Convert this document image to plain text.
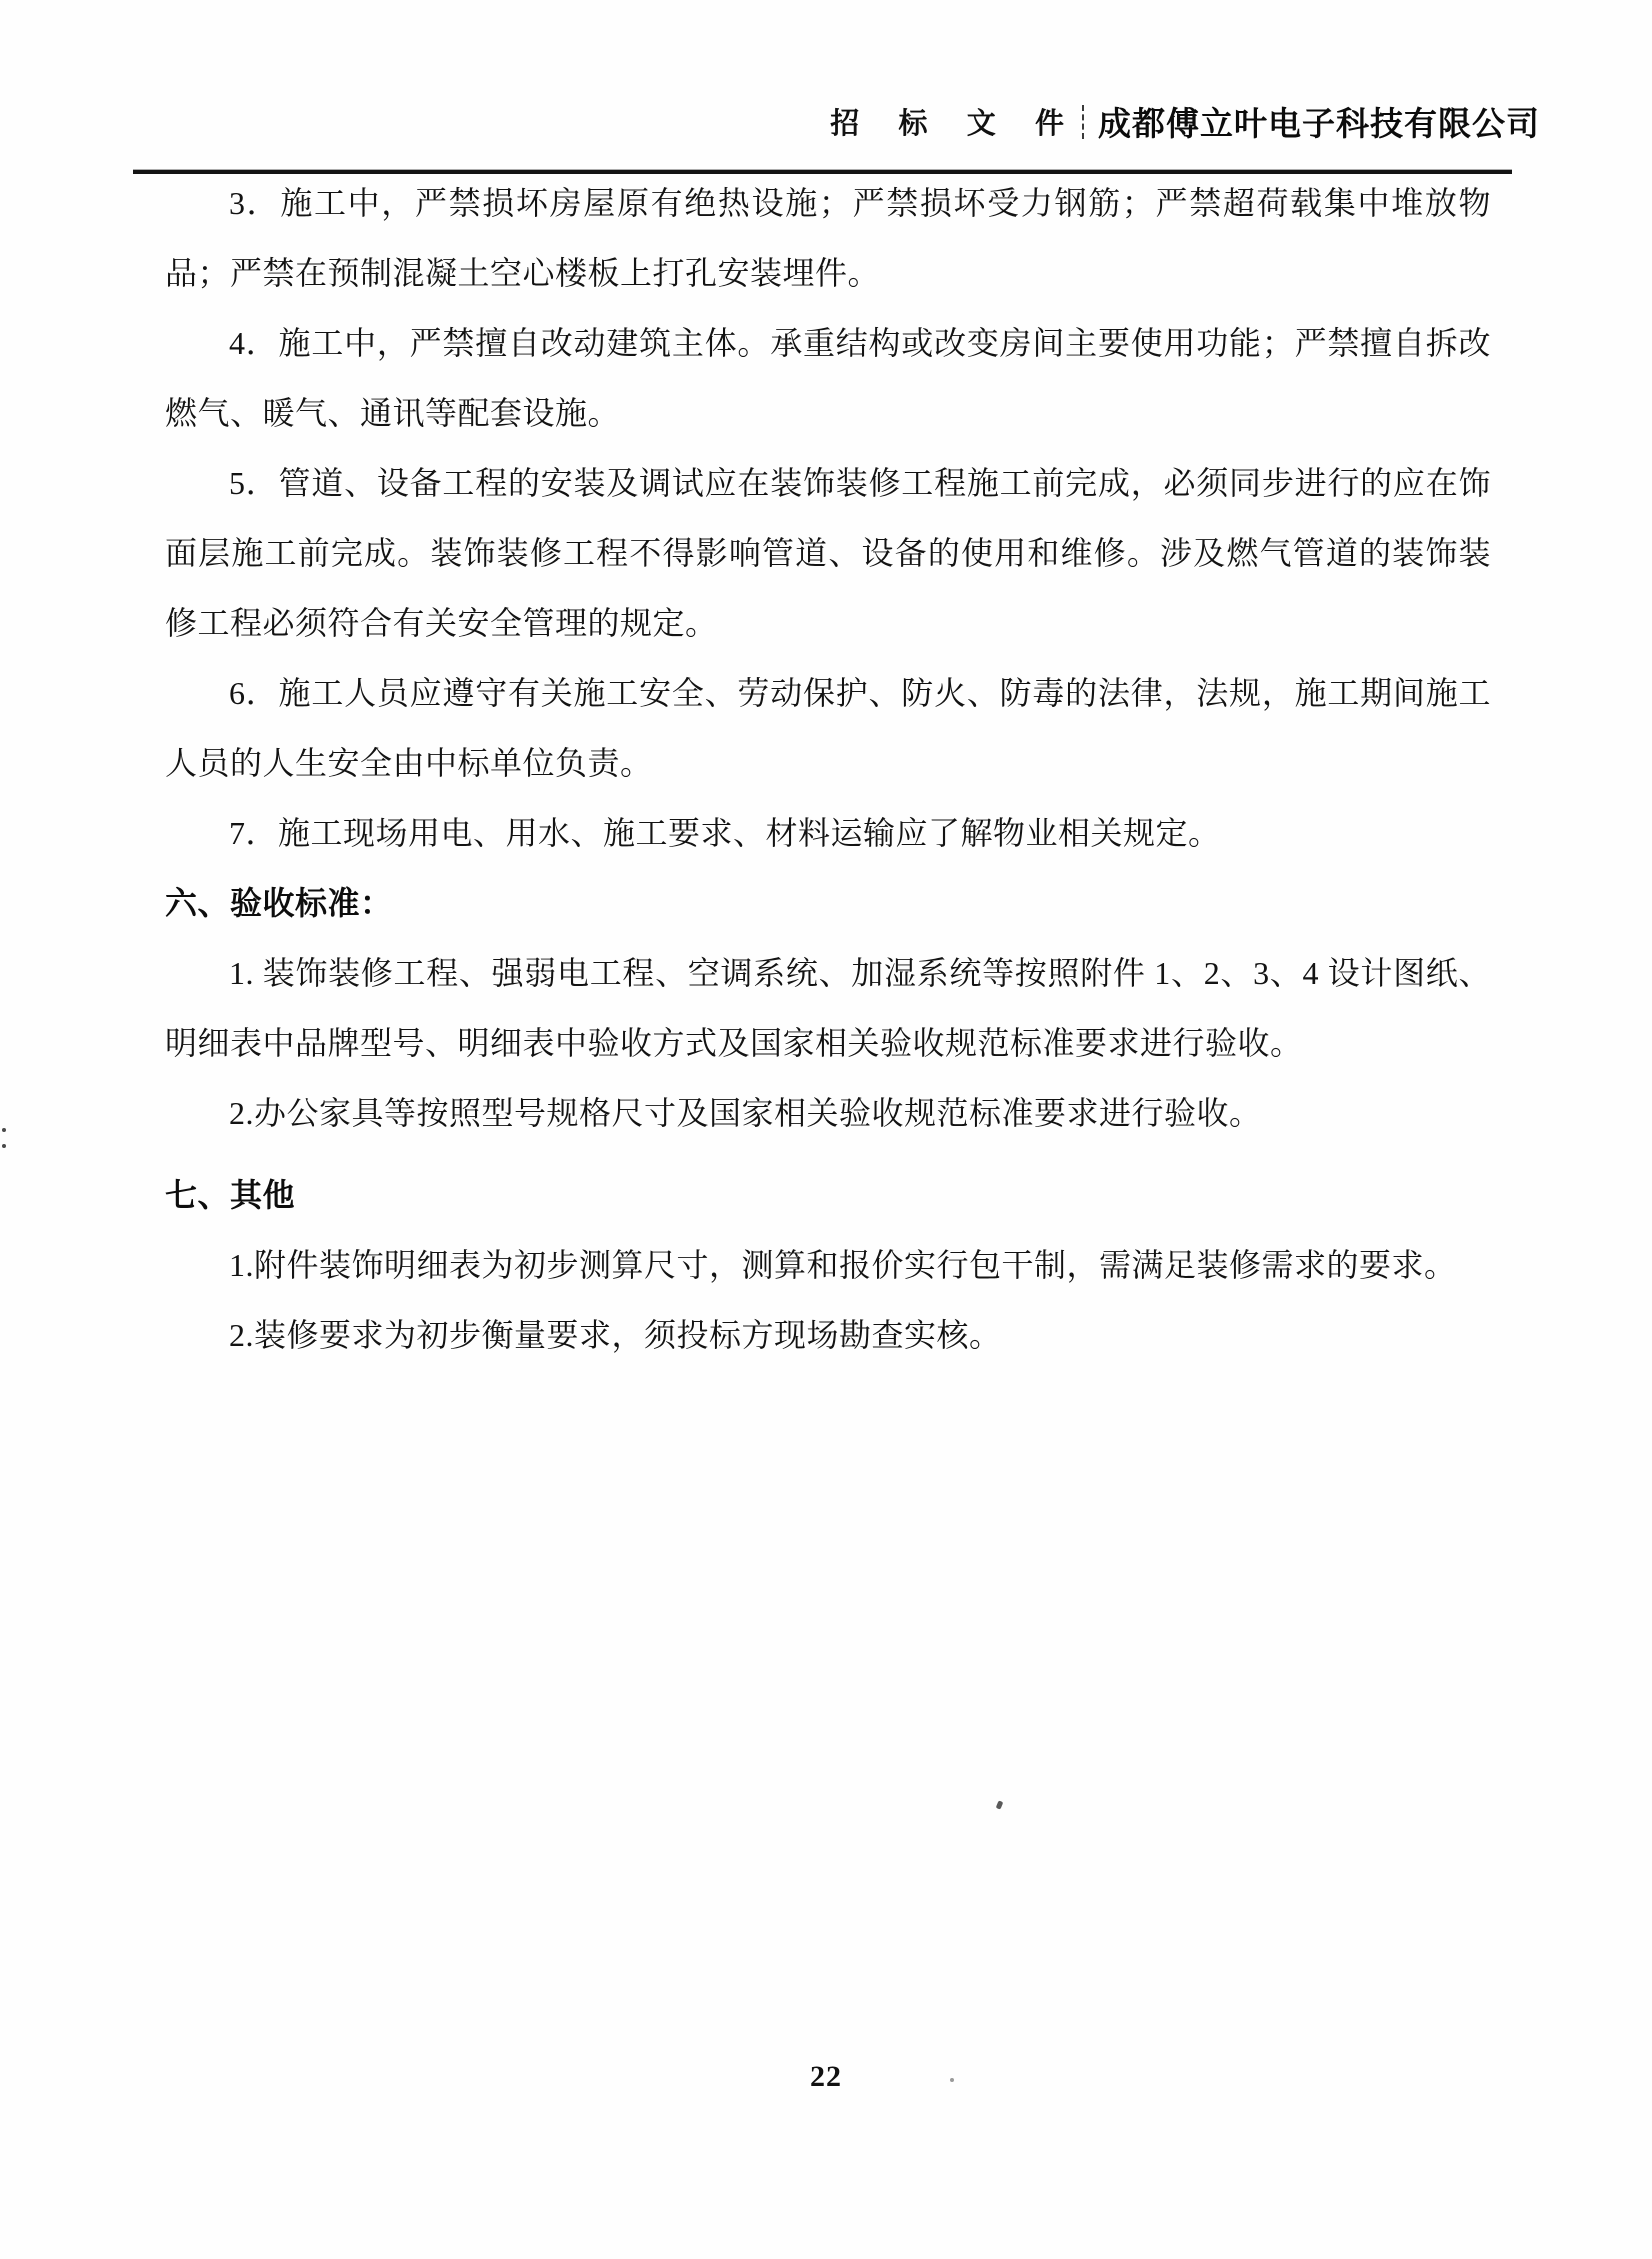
招 标 文 件 成都傅立叶电子科技有限公司

3．施工中，严禁损坏房屋原有绝热设施；严禁损坏受力钢筋；严禁超荷载集中堆放物品；严禁在预制混凝土空心楼板上打孔安装埋件。

4．施工中，严禁擅自改动建筑主体。承重结构或改变房间主要使用功能；严禁擅自拆改燃气、暖气、通讯等配套设施。

5．管道、设备工程的安装及调试应在装饰装修工程施工前完成，必须同步进行的应在饰面层施工前完成。装饰装修工程不得影响管道、设备的使用和维修。涉及燃气管道的装饰装修工程必须符合有关安全管理的规定。

6．施工人员应遵守有关施工安全、劳动保护、防火、防毒的法律，法规，施工期间施工人员的人生安全由中标单位负责。

7．施工现场用电、用水、施工要求、材料运输应了解物业相关规定。

六、验收标准：

1. 装饰装修工程、强弱电工程、空调系统、加湿系统等按照附件 1、2、3、4 设计图纸、明细表中品牌型号、明细表中验收方式及国家相关验收规范标准要求进行验收。

2.办公家具等按照型号规格尺寸及国家相关验收规范标准要求进行验收。

七、其他

1.附件装饰明细表为初步测算尺寸，测算和报价实行包干制，需满足装修需求的要求。

2.装修要求为初步衡量要求，须投标方现场勘查实核。

22
